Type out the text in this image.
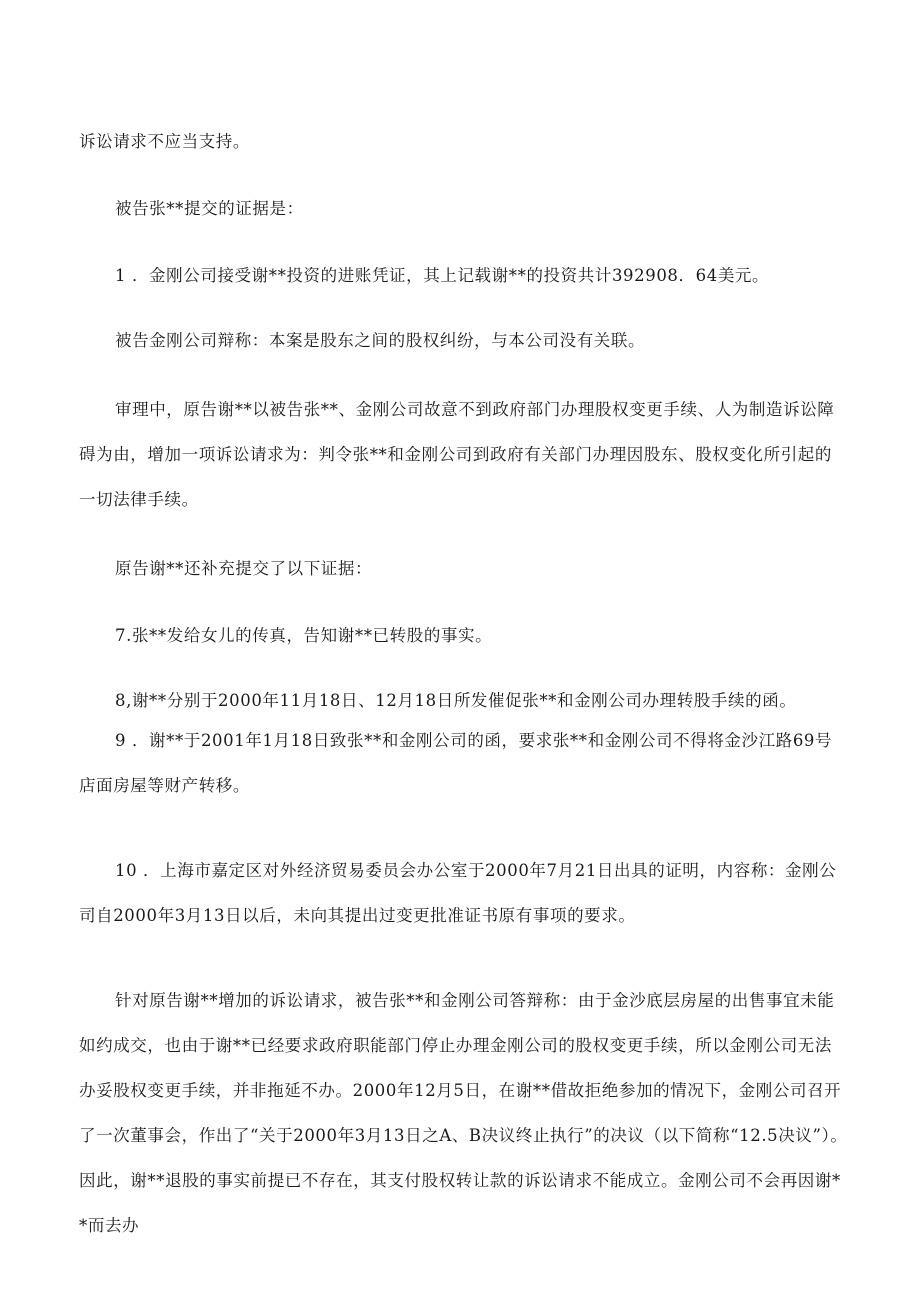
诉讼请求不应当支持。

被告张**提交的证据是：

1 ．金刚公司接受谢**投资的进账凭证，其上记载谢**的投资共计392908．64美元。

被告金刚公司辩称：本案是股东之间的股权纠纷，与本公司没有关联。

审理中，原告谢**以被告张**、金刚公司故意不到政府部门办理股权变更手续、人为制造诉讼障碍为由，增加一项诉讼请求为：判令张**和金刚公司到政府有关部门办理因股东、股权变化所引起的一切法律手续。

原告谢**还补充提交了以下证据：

7.张**发给女儿的传真，告知谢**已转股的事实。

8,谢**分别于2000年11月18日、12月18日所发催促张**和金刚公司办理转股手续的函。

9 ．谢**于2001年1月18日致张**和金刚公司的函，要求张**和金刚公司不得将金沙江路69号店面房屋等财产转移。

10 ．上海市嘉定区对外经济贸易委员会办公室于2000年7月21日出具的证明，内容称：金刚公司自2000年3月13日以后，未向其提出过变更批准证书原有事项的要求。

针对原告谢**增加的诉讼请求，被告张**和金刚公司答辩称：由于金沙底层房屋的出售事宜未能如约成交，也由于谢**已经要求政府职能部门停止办理金刚公司的股权变更手续，所以金刚公司无法办妥股权变更手续，并非拖延不办。2000年12月5日，在谢**借故拒绝参加的情况下，金刚公司召开了一次董事会，作出了“关于2000年3月13日之A、B决议终止执行”的决议（以下简称“12.5决议”）。因此，谢**退股的事实前提已不存在，其支付股权转让款的诉讼请求不能成立。金刚公司不会再因谢**而去办
